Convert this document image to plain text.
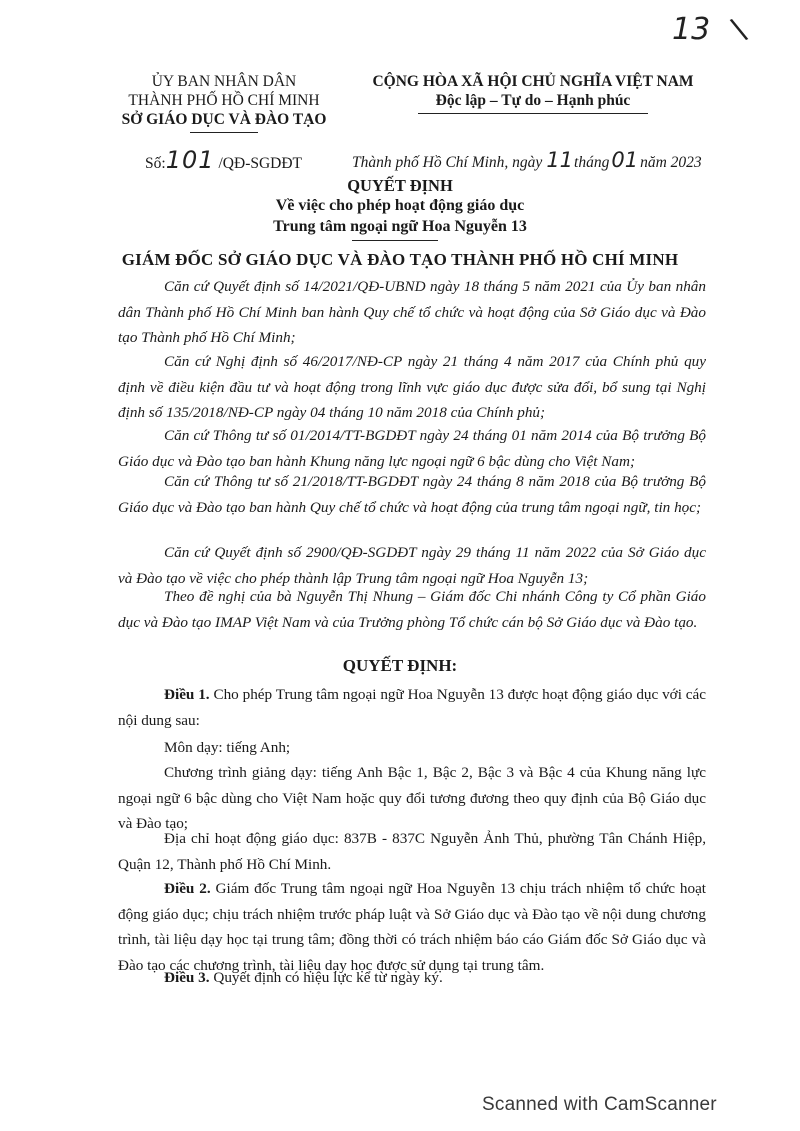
13 \
ỦY BAN NHÂN DÂN
THÀNH PHỐ HỒ CHÍ MINH
SỞ GIÁO DỤC VÀ ĐÀO TẠO
Số:101 /QĐ-SGDĐT
CỘNG HÒA XÃ HỘI CHỦ NGHĨA VIỆT NAM
Độc lập – Tự do – Hạnh phúc
Thành phố Hồ Chí Minh, ngày 11tháng01 năm 2023
QUYẾT ĐỊNH
Về việc cho phép hoạt động giáo dục
Trung tâm ngoại ngữ Hoa Nguyễn 13
GIÁM ĐỐC SỞ GIÁO DỤC VÀ ĐÀO TẠO THÀNH PHỐ HỒ CHÍ MINH
Căn cứ Quyết định số 14/2021/QĐ-UBND ngày 18 tháng 5 năm 2021 của Ủy ban nhân dân Thành phố Hồ Chí Minh ban hành Quy chế tổ chức và hoạt động của Sở Giáo dục và Đào tạo Thành phố Hồ Chí Minh;
Căn cứ Nghị định số 46/2017/NĐ-CP ngày 21 tháng 4 năm 2017 của Chính phủ quy định về điều kiện đầu tư và hoạt động trong lĩnh vực giáo dục được sửa đổi, bổ sung tại Nghị định số 135/2018/NĐ-CP ngày 04 tháng 10 năm 2018 của Chính phủ;
Căn cứ Thông tư số 01/2014/TT-BGDĐT ngày 24 tháng 01 năm 2014 của Bộ trưởng Bộ Giáo dục và Đào tạo ban hành Khung năng lực ngoại ngữ 6 bậc dùng cho Việt Nam;
Căn cứ Thông tư số 21/2018/TT-BGDĐT ngày 24 tháng 8 năm 2018 của Bộ trưởng Bộ Giáo dục và Đào tạo ban hành Quy chế tổ chức và hoạt động của trung tâm ngoại ngữ, tin học;
Căn cứ Quyết định số 2900/QĐ-SGDĐT ngày 29 tháng 11 năm 2022 của Sở Giáo dục và Đào tạo về việc cho phép thành lập Trung tâm ngoại ngữ Hoa Nguyễn 13;
Theo đề nghị của bà Nguyễn Thị Nhung – Giám đốc Chi nhánh Công ty Cổ phần Giáo dục và Đào tạo IMAP Việt Nam và của Trưởng phòng Tổ chức cán bộ Sở Giáo dục và Đào tạo.
QUYẾT ĐỊNH:
Điều 1. Cho phép Trung tâm ngoại ngữ Hoa Nguyễn 13 được hoạt động giáo dục với các nội dung sau:
Môn dạy: tiếng Anh;
Chương trình giảng dạy: tiếng Anh Bậc 1, Bậc 2, Bậc 3 và Bậc 4 của Khung năng lực ngoại ngữ 6 bậc dùng cho Việt Nam hoặc quy đổi tương đương theo quy định của Bộ Giáo dục và Đào tạo;
Địa chỉ hoạt động giáo dục: 837B - 837C Nguyễn Ảnh Thủ, phường Tân Chánh Hiệp, Quận 12, Thành phố Hồ Chí Minh.
Điều 2. Giám đốc Trung tâm ngoại ngữ Hoa Nguyễn 13 chịu trách nhiệm tổ chức hoạt động giáo dục; chịu trách nhiệm trước pháp luật và Sở Giáo dục và Đào tạo về nội dung chương trình, tài liệu dạy học tại trung tâm; đồng thời có trách nhiệm báo cáo Giám đốc Sở Giáo dục và Đào tạo các chương trình, tài liệu dạy học được sử dụng tại trung tâm.
Điều 3. Quyết định có hiệu lực kể từ ngày ký.
Scanned with CamScanner
